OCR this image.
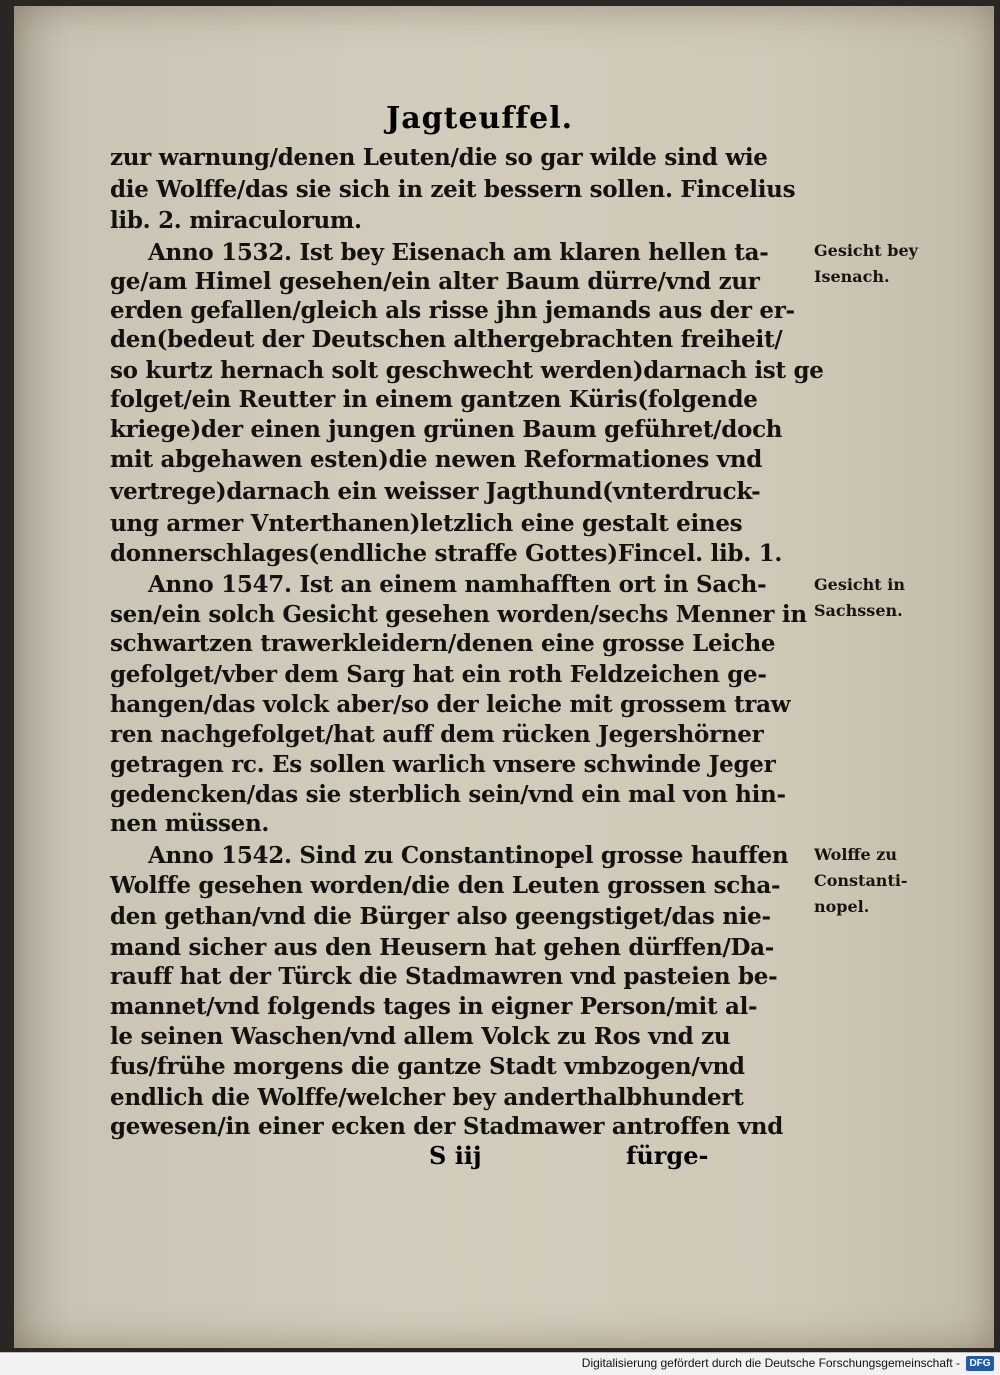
Jagteuffel.
zur warnung/denen Leuten/die so gar wilde sind wie
die Wolffe/das sie sich in zeit bessern sollen. Fincelius
lib. 2. miraculorum.
Anno 1532. Ist bey Eisenach am klaren hellen ta-
ge/am Himel gesehen/ein alter Baum dürre/vnd zur
erden gefallen/gleich als risse jhn jemands aus der er-
den(bedeut der Deutschen althergebrachten freiheit/
so kurtz hernach solt geschwecht werden)darnach ist ge
folget/ein Reutter in einem gantzen Küris(folgende
kriege)der einen jungen grünen Baum geführet/doch
mit abgehawen esten)die newen Reformationes vnd
vertrege)darnach ein weisser Jagthund(vnterdruck-
ung armer Vnterthanen)letzlich eine gestalt eines
donnerschlages(endliche straffe Gottes)Fincel. lib. 1.
Anno 1547. Ist an einem namhafften ort in Sach-
sen/ein solch Gesicht gesehen worden/sechs Menner in
schwartzen trawerkleidern/denen eine grosse Leiche
gefolget/vber dem Sarg hat ein roth Feldzeichen ge-
hangen/das volck aber/so der leiche mit grossem traw
ren nachgefolget/hat auff dem rücken Jegershörner
getragen rc. Es sollen warlich vnsere schwinde Jeger
gedencken/das sie sterblich sein/vnd ein mal von hin-
nen müssen.
Anno 1542. Sind zu Constantinopel grosse hauffen
Wolffe gesehen worden/die den Leuten grossen scha-
den gethan/vnd die Bürger also geengstiget/das nie-
mand sicher aus den Heusern hat gehen dürffen/Da-
rauff hat der Türck die Stadmawren vnd pasteien be-
mannet/vnd folgends tages in eigner Person/mit al-
le seinen Waschen/vnd allem Volck zu Ros vnd zu
fus/frühe morgens die gantze Stadt vmbzogen/vnd
endlich die Wolffe/welcher bey anderthalbhundert
gewesen/in einer ecken der Stadmawer antroffen vnd
Gesicht bey Isenach.
Gesicht in Sachssen.
Wolffe zu Constanti- nopel.
S iij	fürge-
Digitalisierung gefördert durch die Deutsche Forschungsgemeinschaft - DFG
